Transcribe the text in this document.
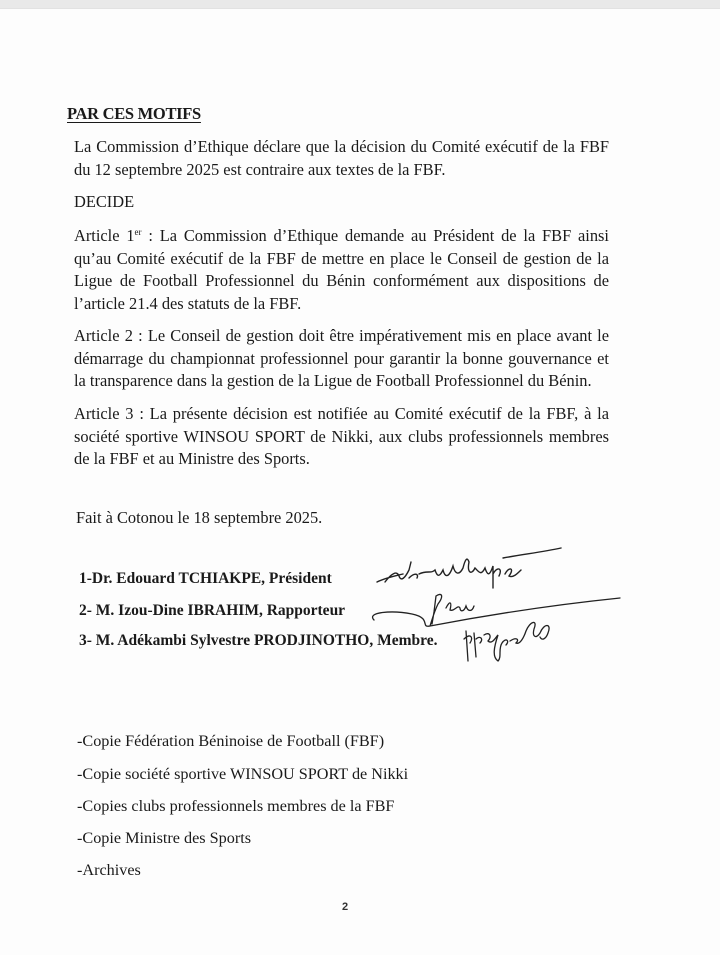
PAR CES MOTIFS
La Commission d’Ethique déclare que la décision du Comité exécutif de la FBF
du 12 septembre 2025 est contraire aux textes de la FBF.
DECIDE
Article 1er : La Commission d’Ethique demande au Président de la FBF ainsi
qu’au Comité exécutif de la FBF de mettre en place le Conseil de gestion de la
Ligue de Football Professionnel du Bénin conformément aux dispositions de
l’article 21.4 des statuts de la FBF.
Article 2 : Le Conseil de gestion doit être impérativement mis en place avant le
démarrage du championnat professionnel pour garantir la bonne gouvernance et
la transparence dans la gestion de la Ligue de Football Professionnel du Bénin.
Article 3 : La présente décision est notifiée au Comité exécutif de la FBF, à la
société sportive WINSOU SPORT de Nikki, aux clubs professionnels membres
de la FBF et au Ministre des Sports.
Fait à Cotonou le 18 septembre 2025.
1-Dr. Edouard TCHIAKPE, Président
2- M. Izou-Dine IBRAHIM, Rapporteur
3- M. Adékambi Sylvestre PRODJINOTHO, Membre.
-Copie Fédération Béninoise de Football (FBF)
-Copie société sportive WINSOU SPORT de Nikki
-Copies clubs professionnels membres de la FBF
-Copie Ministre des Sports
-Archives
2
